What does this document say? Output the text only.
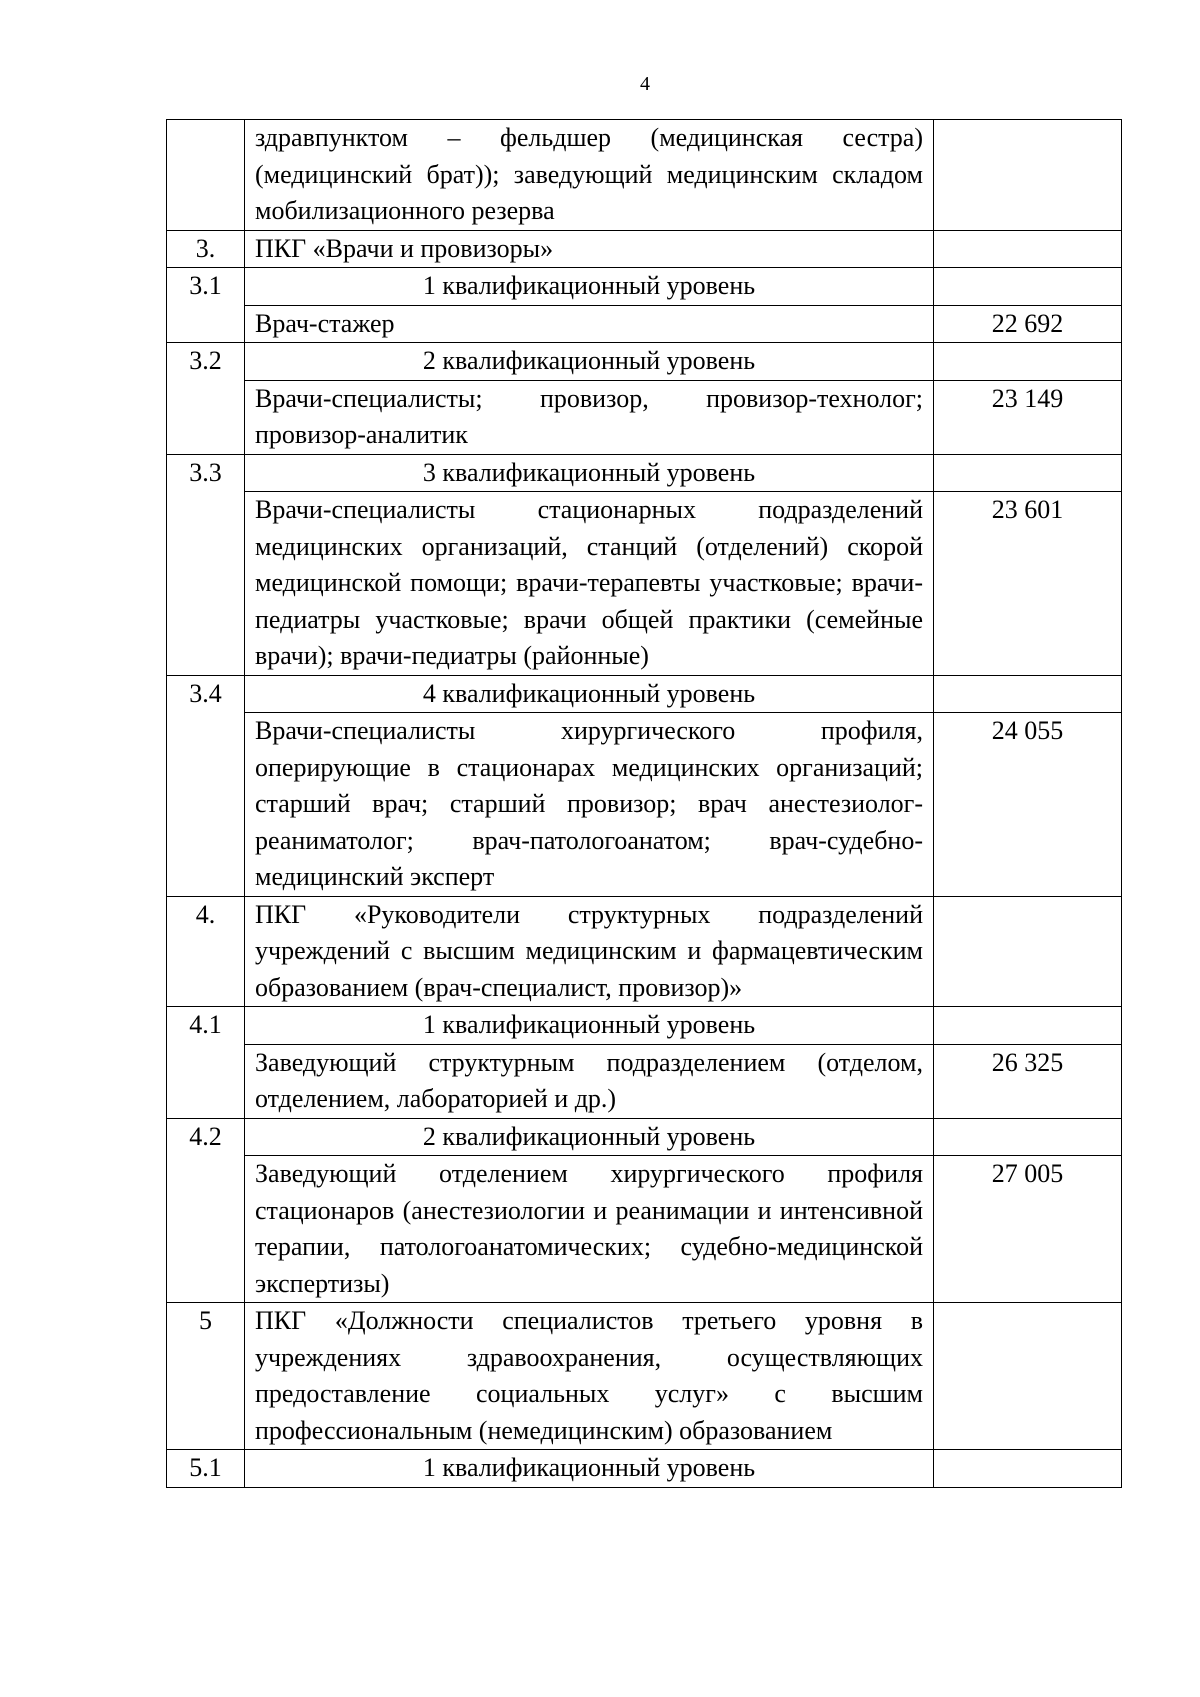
4
	здравпунктом – фельдшер (медицинская сестра) (медицинский брат)); заведующий медицинским складом мобилизационного резерва	
3.	ПКГ «Врачи и провизоры»	
3.1	1 квалификационный уровень	
	Врач-стажер	22 692
3.2	2 квалификационный уровень	
	Врачи-специалисты; провизор, провизор-технолог; провизор-аналитик	23 149
3.3	3 квалификационный уровень	
	Врачи-специалисты стационарных подразделений медицинских организаций, станций (отделений) скорой медицинской помощи; врачи-терапевты участковые; врачи-педиатры участковые; врачи общей практики (семейные врачи); врачи-педиатры (районные)	23 601
3.4	4 квалификационный уровень	
	Врачи-специалисты хирургического профиля, оперирующие в стационарах медицинских организаций; старший врач; старший провизор; врач анестезиолог-реаниматолог; врач-патологоанатом; врач-судебно-медицинский эксперт	24 055
4.	ПКГ «Руководители структурных подразделений учреждений с высшим медицинским и фармацевтическим образованием (врач-специалист, провизор)»	
4.1	1 квалификационный уровень	
	Заведующий структурным подразделением (отделом, отделением, лабораторией и др.)	26 325
4.2	2 квалификационный уровень	
	Заведующий отделением хирургического профиля стационаров (анестезиологии и реанимации и интенсивной терапии, патологоанатомических; судебно-медицинской экспертизы)	27 005
5	ПКГ «Должности специалистов третьего уровня в учреждениях здравоохранения, осуществляющих предоставление социальных услуг» с высшим профессиональным (немедицинским) образованием	
5.1	1 квалификационный уровень	
